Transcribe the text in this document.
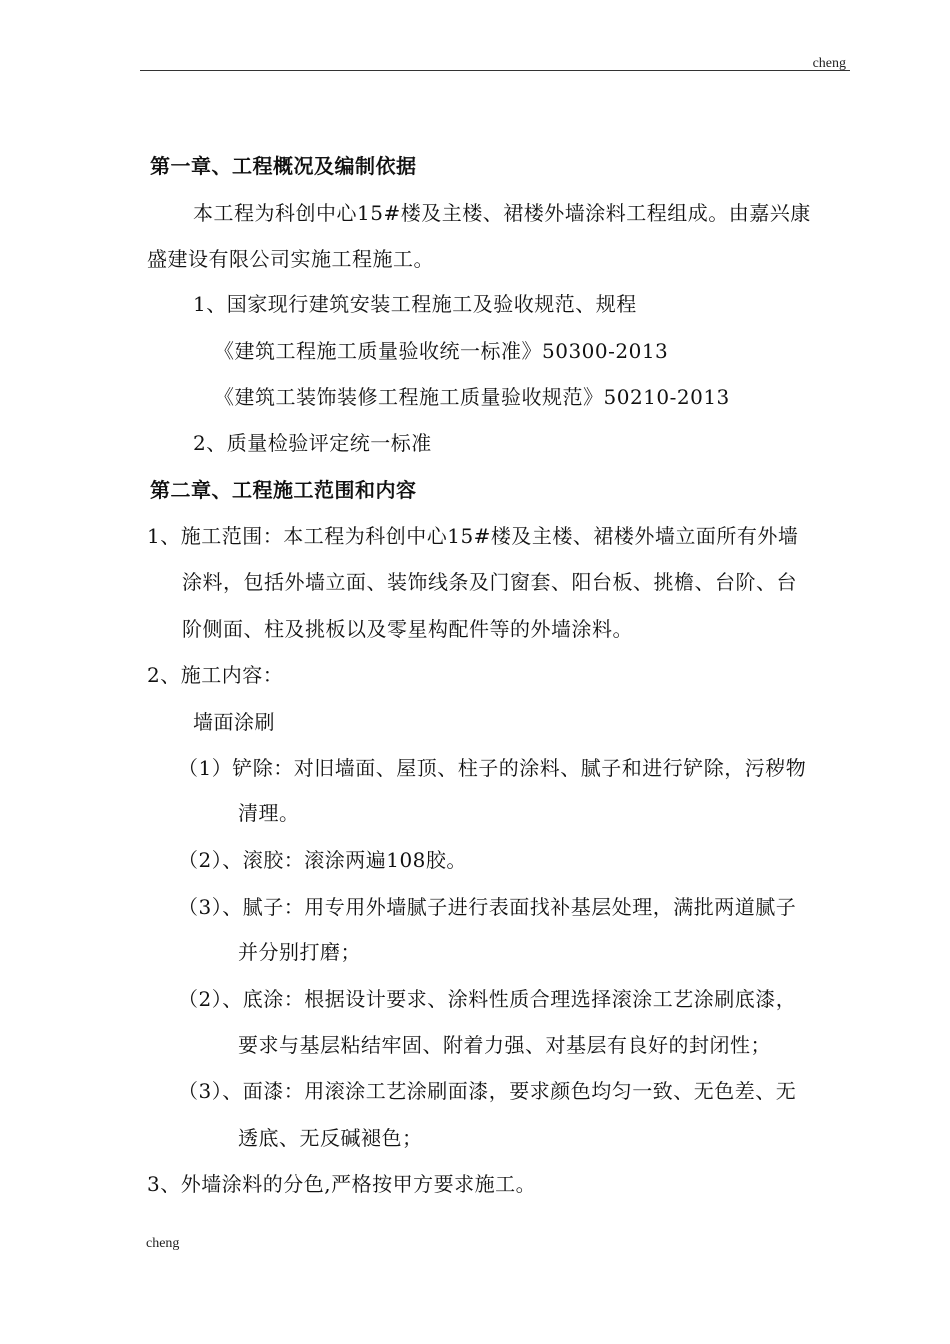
cheng
第一章、工程概况及编制依据
本工程为科创中心15#楼及主楼、裙楼外墙涂料工程组成。由嘉兴康
盛建设有限公司实施工程施工。
1、国家现行建筑安装工程施工及验收规范、规程
《建筑工程施工质量验收统一标准》50300-2013
《建筑工装饰装修工程施工质量验收规范》50210-2013
2、质量检验评定统一标准
第二章、工程施工范围和内容
1、施工范围：本工程为科创中心15#楼及主楼、裙楼外墙立面所有外墙
涂料，包括外墙立面、装饰线条及门窗套、阳台板、挑檐、台阶、台
阶侧面、柱及挑板以及零星构配件等的外墙涂料。
2、施工内容：
墙面涂刷
（1）铲除：对旧墙面、屋顶、柱子的涂料、腻子和进行铲除，污秽物
清理。
（2）、滚胶：滚涂两遍108胶。
（3）、腻子：用专用外墙腻子进行表面找补基层处理，满批两道腻子
并分别打磨；
（2）、底涂：根据设计要求、涂料性质合理选择滚涂工艺涂刷底漆，
要求与基层粘结牢固、附着力强、对基层有良好的封闭性；
（3）、面漆：用滚涂工艺涂刷面漆，要求颜色均匀一致、无色差、无
透底、无反碱褪色；
3、外墙涂料的分色,严格按甲方要求施工。
cheng
